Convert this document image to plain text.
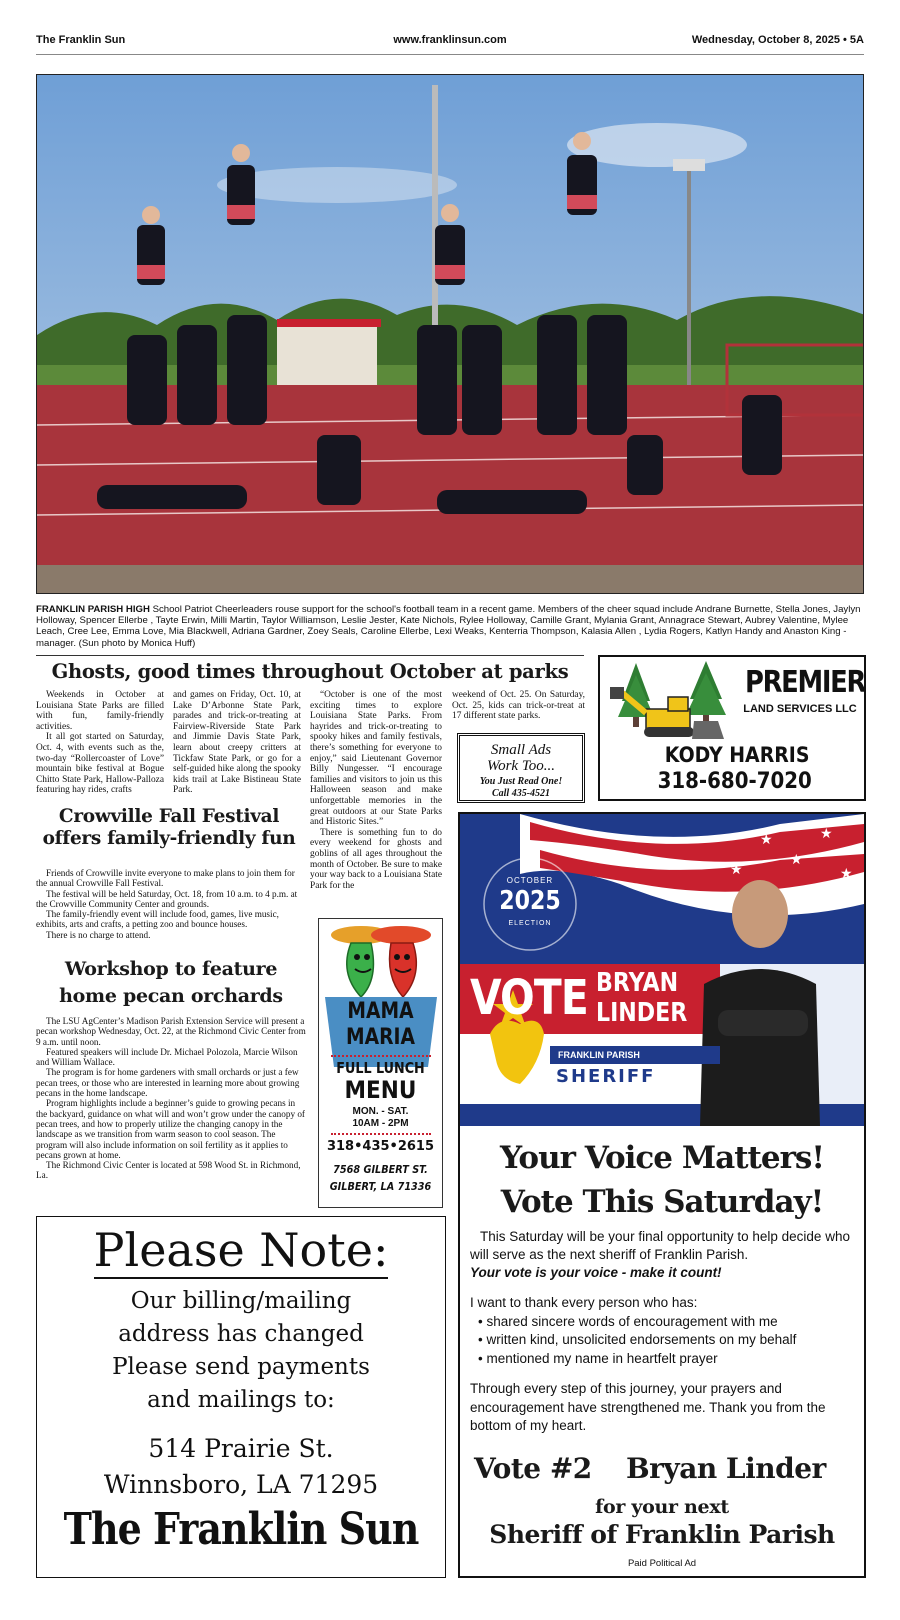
The Franklin Sun	www.franklinsun.com	Wednesday, October 8, 2025 • 5A
FRANKLIN PARISH HIGH School Patriot Cheerleaders rouse support for the school's football team in a recent game. Members of the cheer squad include Andrane Burnette, Stella Jones, Jaylyn Holloway, Spencer Ellerbe , Tayte Erwin, Milli Martin, Taylor Williamson, Leslie Jester, Kate Nichols, Rylee Holloway, Camille Grant, Mylania Grant, Annagrace Stewart, Aubrey Valentine, Mylee Leach, Cree Lee, Emma Love, Mia Blackwell, Adriana Gardner, Zoey Seals, Caroline Ellerbe, Lexi Weaks, Kenterria Thompson, Kalasia Allen , Lydia Rogers, Katlyn Handy and Anaston King - manager. (Sun photo by Monica Huff)
Ghosts, good times throughout October at parks

Weekends in October at Louisiana State Parks are filled with fun, family-friendly activities.

It all got started on Saturday, Oct. 4, with events such as the, two-day “Rollercoaster of Love” mountain bike festival at Bogue Chitto State Park, Hallow-Palloza featuring hay rides, crafts

and games on Friday, Oct. 10, at Lake D’Arbonne State Park, parades and trick-or-treating at Fairview-Riverside State Park and Jimmie Davis State Park, learn about creepy critters at Tickfaw State Park, or go for a self-guided hike along the spooky kids trail at Lake Bistineau State Park.

“October is one of the most exciting times to explore Louisiana State Parks. From hayrides and trick-or-treating to spooky hikes and family festivals, there’s something for everyone to enjoy,” said Lieutenant Governor Billy Nungesser. “I encourage families and visitors to join us this Halloween season and make unforgettable memories in the great outdoors at our State Parks and Historic Sites.”

There is something fun to do every weekend for ghosts and goblins of all ages throughout the month of October. Be sure to make your way back to a Louisiana State Park for the

weekend of Oct. 25. On Saturday, Oct. 25, kids can trick-or-treat at 17 different state parks.

Small Ads
Work Too...
You Just Read One!
Call 435-4521
Crowville Fall Festival
offers family-friendly fun

Friends of Crowville invite everyone to make plans to join them for the annual Crowville Fall Festival.

The festival will be held Saturday, Oct. 18, from 10 a.m. to 4 p.m. at the Crowville Community Center and grounds.

The family-friendly event will include food, games, live music, exhibits, arts and crafts, a petting zoo and bounce houses.

There is no charge to attend.

Workshop to feature
home pecan orchards

The LSU AgCenter’s Madison Parish Extension Service will present a pecan workshop Wednesday, Oct. 22, at the Richmond Civic Center from 9 a.m. until noon.

Featured speakers will include Dr. Michael Polozola, Marcie Wilson and William Wallace.

The program is for home gardeners with small orchards or just a few pecan trees, or those who are interested in learning more about growing pecans in the home landscape.

Program highlights include a beginner’s guide to growing pecans in the backyard, guidance on what will and won’t grow under the canopy of pecan trees, and how to properly utilize the changing canopy in the landscape as we transition from warm season to cool season. The program will also include information on soil fertility as it applies to pecans grown at home.

The Richmond Civic Center is located at 598 Wood St. in Richmond, La.

PREMIER
LAND SERVICES LLC
KODY HARRIS
318-680-7020
MAMA
MARIA
FULL LUNCH
MENU
MON. - SAT.
10AM - 2PM
318•435•2615
7568 GILBERT ST.
GILBERT, LA 71336
★
★
★
★
★
OCTOBER
2025
ELECTION
VOTE BRYAN
LINDER
FRANKLIN PARISH
SHERIFF
Your Voice Matters!
Vote This Saturday!
This Saturday will be your final opportunity to help decide who will serve as the next sheriff of Franklin Parish.
Your vote is your voice - make it count!
I want to thank every person who has:
• shared sincere words of encouragement with me
• written kind, unsolicited endorsements on my behalf
• mentioned my name in heartfelt prayer
Through every step of this journey, your prayers and encouragement have strengthened me. Thank you from the bottom of my heart.
Vote #2	Bryan Linder
for your next
Sheriff of Franklin Parish
Paid Political Ad
Please Note:
Our billing/mailing
address has changed
Please send payments
and mailings to:
514 Prairie St.
Winnsboro, LA 71295
The Franklin Sun
